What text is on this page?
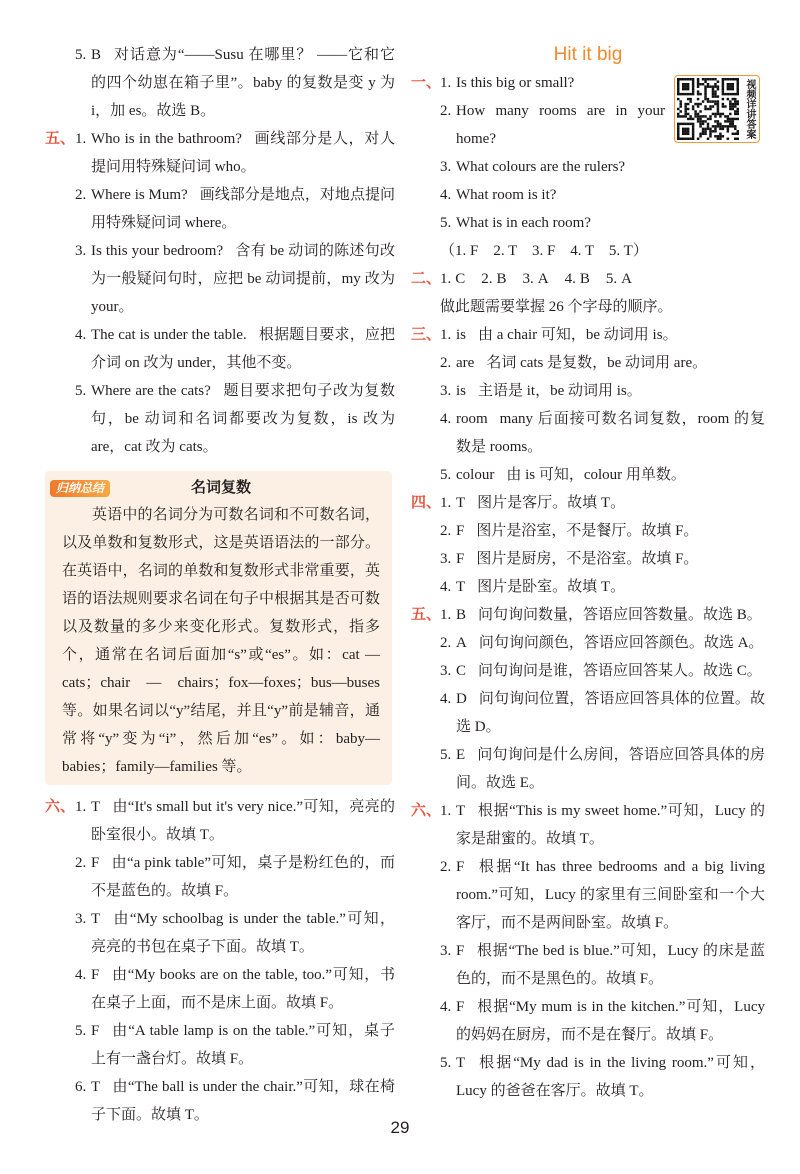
5. B 对话意为“——Susu 在哪里？ ——它和它的四个幼崽在箱子里”。baby 的复数是变 y 为 i，加 es。故选 B。
五、 1. Who is in the bathroom? 画线部分是人，对人提问用特殊疑问词 who。
2. Where is Mum? 画线部分是地点，对地点提问用特殊疑问词 where。
3. Is this your bedroom? 含有 be 动词的陈述句改为一般疑问句时，应把 be 动词提前，my 改为 your。
4. The cat is under the table. 根据题目要求，应把介词 on 改为 under，其他不变。
5. Where are the cats? 题目要求把句子改为复数句，be 动词和名词都要改为复数，is 改为 are，cat 改为 cats。
归纳总结	名词复数
英语中的名词分为可数名词和不可数名词，以及单数和复数形式，这是英语语法的一部分。在英语中，名词的单数和复数形式非常重要，英语的语法规则要求名词在句子中根据其是否可数以及数量的多少来变化形式。复数形式，指多个，通常在名词后面加“s”或“es”。如：cat — cats；chair — chairs；fox—foxes；bus—buses 等。如果名词以“y”结尾，并且“y”前是辅音，通常将“y”变为“i”，然后加“es”。如：baby—babies；family—families 等。
六、 1. T 由“It's small but it's very nice.”可知，亮亮的卧室很小。故填 T。
2. F 由“a pink table”可知，桌子是粉红色的，而不是蓝色的。故填 F。
3. T 由“My schoolbag is under the table.”可知，亮亮的书包在桌子下面。故填 T。
4. F 由“My books are on the table, too.”可知，书在桌子上面，而不是床上面。故填 F。
5. F 由“A table lamp is on the table.”可知，桌子上有一盏台灯。故填 F。
6. T 由“The ball is under the chair.”可知，球在椅子下面。故填 T。
Hit it big
视频详讲答案
一、
1. Is this big or small?
2. How many rooms are in your home?
3. What colours are the rulers?
4. What room is it?
5. What is in each room?
（1. F　2. T　3. F　4. T　5. T）
二、
1. C 2. B 3. A 4. B 5. A
做此题需要掌握 26 个字母的顺序。
三、
1. is 由 a chair 可知，be 动词用 is。
2. are 名词 cats 是复数，be 动词用 are。
3. is 主语是 it，be 动词用 is。
4. room many 后面接可数名词复数，room 的复数是 rooms。
5. colour 由 is 可知，colour 用单数。
四、
1. T 图片是客厅。故填 T。
2. F 图片是浴室，不是餐厅。故填 F。
3. F 图片是厨房，不是浴室。故填 F。
4. T 图片是卧室。故填 T。
五、
1. B 问句询问数量，答语应回答数量。故选 B。
2. A 问句询问颜色，答语应回答颜色。故选 A。
3. C 问句询问是谁，答语应回答某人。故选 C。
4. D 问句询问位置，答语应回答具体的位置。故选 D。
5. E 问句询问是什么房间，答语应回答具体的房间。故选 E。
六、
1. T 根据“This is my sweet home.”可知，Lucy 的家是甜蜜的。故填 T。
2. F 根据“It has three bedrooms and a big living room.”可知，Lucy 的家里有三间卧室和一个大客厅，而不是两间卧室。故填 F。
3. F 根据“The bed is blue.”可知，Lucy 的床是蓝色的，而不是黑色的。故填 F。
4. F 根据“My mum is in the kitchen.”可知，Lucy 的妈妈在厨房，而不是在餐厅。故填 F。
5. T 根据“My dad is in the living room.”可知，Lucy 的爸爸在客厅。故填 T。
29
